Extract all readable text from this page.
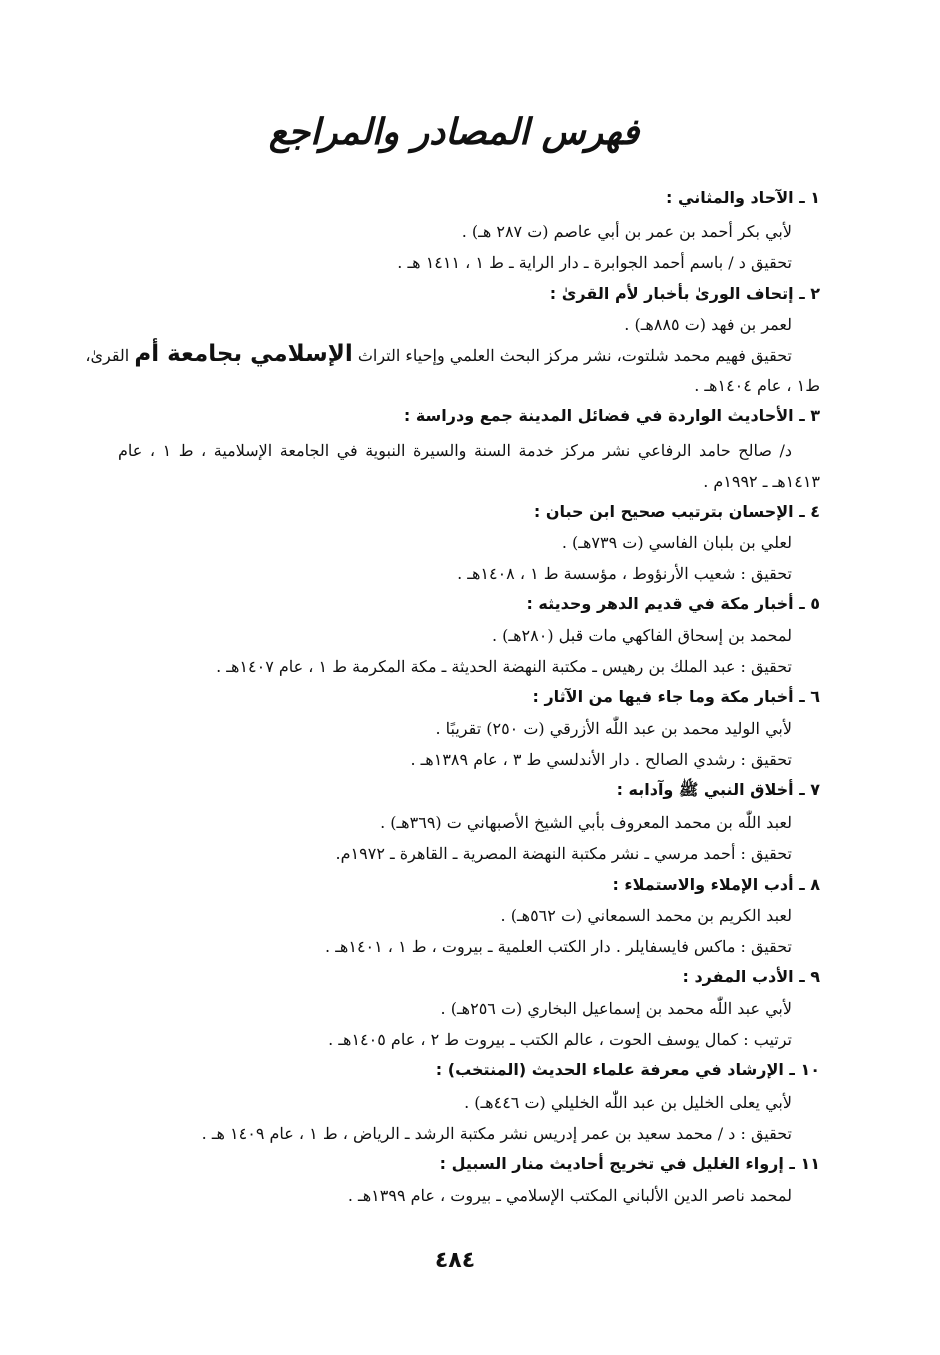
فهرس المصادر والمراجع
١ ـ الآحاد والمثاني :
لأبي بكر أحمد بن عمر بن أبي عاصم (ت ٢٨٧ هـ) .
تحقيق د / باسم أحمد الجوابرة ـ دار الراية ـ ط ١ ، ١٤١١ هـ .
٢ ـ إتحاف الورىٰ بأخبار لأم القرىٰ :
لعمر بن فهد (ت ٨٨٥هـ) .
تحقيق فهيم محمد شلتوت، نشر مركز البحث العلمي وإحياء التراث الإسلامي بجامعة أم القرىٰ،
ط١ ، عام ١٤٠٤هـ .
٣ ـ الأحاديث الواردة في فضائل المدينة جمع ودراسة :
د/ صالح حامد الرفاعي نشر مركز خدمة السنة والسيرة النبوية في الجامعة الإسلامية ، ط ١ ، عام
١٤١٣هـ ـ ١٩٩٢م .
٤ ـ الإحسان بترتيب صحيح ابن حبان :
لعلي بن بلبان الفاسي (ت ٧٣٩هـ) .
تحقيق : شعيب الأرنؤوط ، مؤسسة ط ١ ، ١٤٠٨هـ .
٥ ـ أخبار مكة في قديم الدهر وحديثه :
لمحمد بن إسحاق الفاكهي مات قبل (٢٨٠هـ) .
تحقيق : عبد الملك بن رهيس ـ مكتبة النهضة الحديثة ـ مكة المكرمة ط ١ ، عام ١٤٠٧هـ .
٦ ـ أخبار مكة وما جاء فيها من الآثار :
لأبي الوليد محمد بن عبد اللّٰه الأزرقي (ت ٢٥٠) تقريبًا .
تحقيق : رشدي الصالح . دار الأندلسي ط ٣ ، عام ١٣٨٩هـ .
٧ ـ أخلاق النبي ﷺ وآدابه :
لعبد اللّٰه بن محمد المعروف بأبي الشيخ الأصبهاني ت (٣٦٩هـ) .
تحقيق : أحمد مرسي ـ نشر مكتبة النهضة المصرية ـ القاهرة ـ ١٩٧٢م.
٨ ـ أدب الإملاء والاستملاء :
لعبد الكريم بن محمد السمعاني (ت ٥٦٢هـ) .
تحقيق : ماكس فايسفايلر . دار الكتب العلمية ـ بيروت ، ط ١ ، ١٤٠١هـ .
٩ ـ الأدب المفرد :
لأبي عبد اللّٰه محمد بن إسماعيل البخاري (ت ٢٥٦هـ) .
ترتيب : كمال يوسف الحوت ، عالم الكتب ـ بيروت ط ٢ ، عام ١٤٠٥هـ .
١٠ ـ الإرشاد في معرفة علماء الحديث (المنتخب) :
لأبي يعلى الخليل بن عبد اللّٰه الخليلي (ت ٤٤٦هـ) .
تحقيق : د / محمد سعيد بن عمر إدريس نشر مكتبة الرشد ـ الرياض ، ط ١ ، عام ١٤٠٩ هـ .
١١ ـ إرواء الغليل في تخريج أحاديث منار السبيل :
لمحمد ناصر الدين الألباني المكتب الإسلامي ـ بيروت ، عام ١٣٩٩هـ .
٤٨٤
